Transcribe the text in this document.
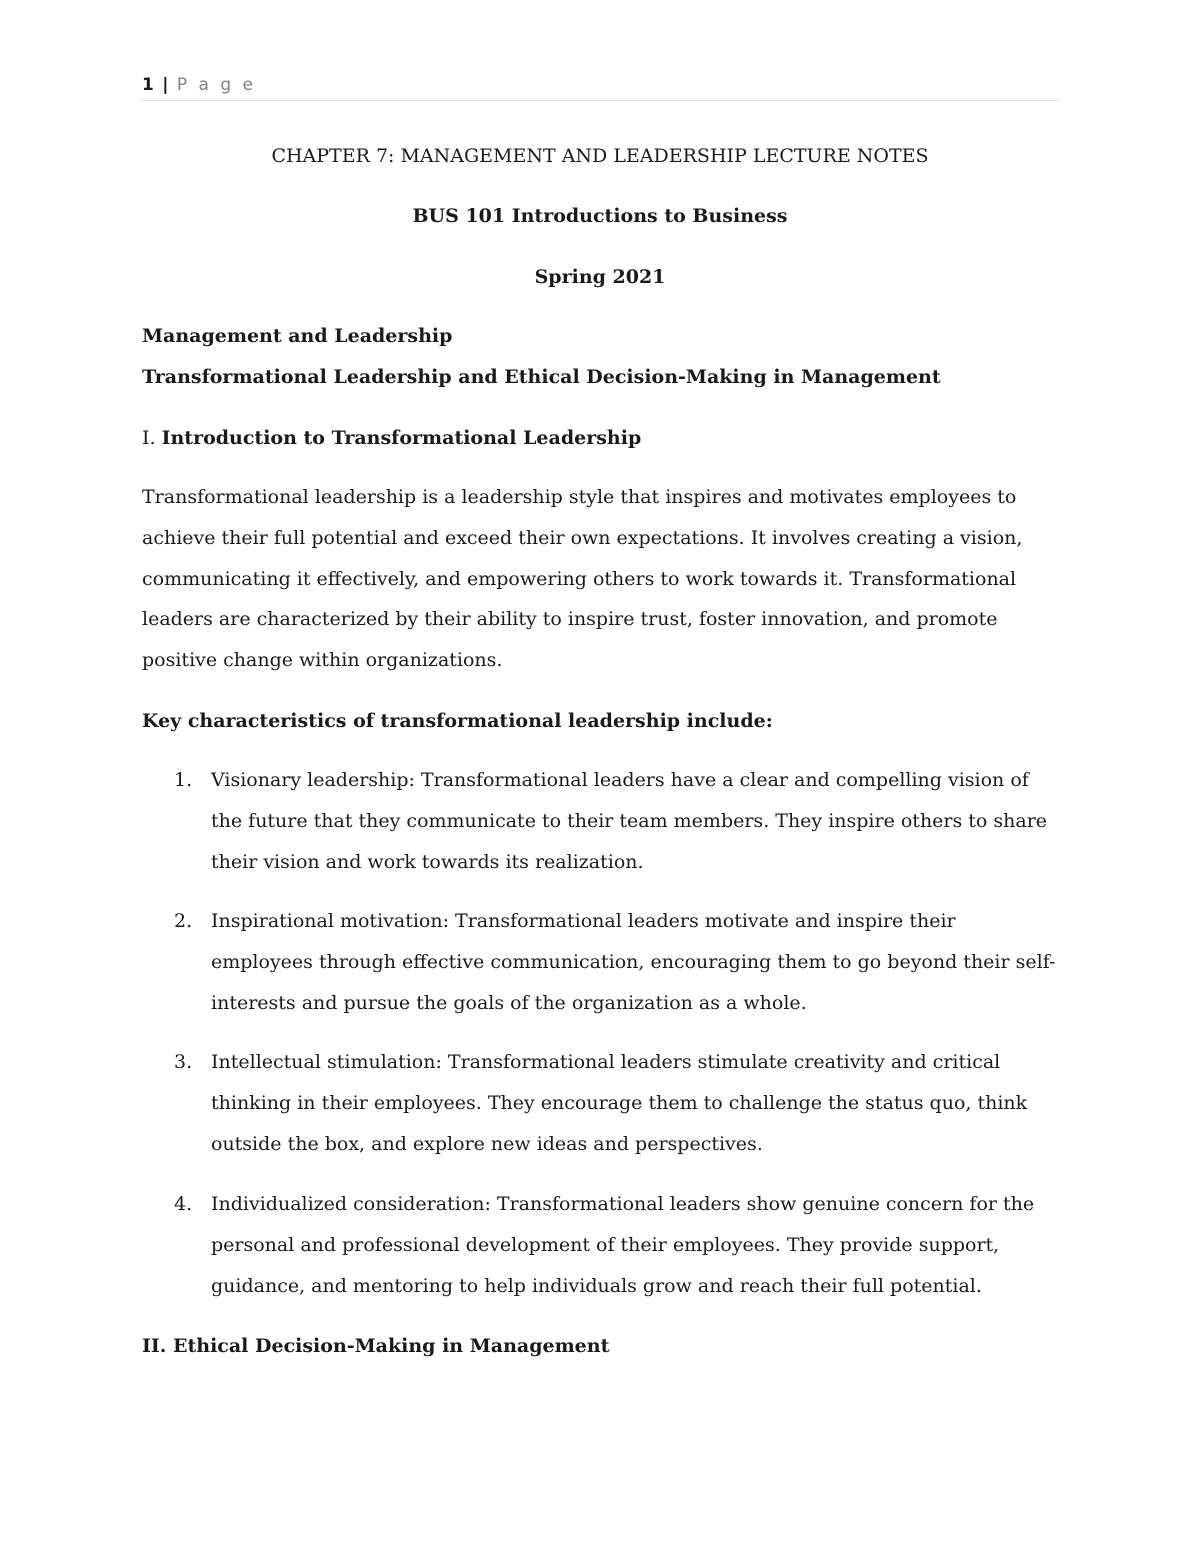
1 | P a g e
CHAPTER 7: MANAGEMENT AND LEADERSHIP LECTURE NOTES
BUS 101 Introductions to Business
Spring 2021
Management and Leadership
Transformational Leadership and Ethical Decision-Making in Management
I. Introduction to Transformational Leadership

Transformational leadership is a leadership style that inspires and motivates employees to achieve their full potential and exceed their own expectations. It involves creating a vision, communicating it effectively, and empowering others to work towards it. Transformational leaders are characterized by their ability to inspire trust, foster innovation, and promote positive change within organizations.

Key characteristics of transformational leadership include:
1. Visionary leadership: Transformational leaders have a clear and compelling vision of the future that they communicate to their team members. They inspire others to share their vision and work towards its realization.
2. Inspirational motivation: Transformational leaders motivate and inspire their employees through effective communication, encouraging them to go beyond their self-interests and pursue the goals of the organization as a whole.
3. Intellectual stimulation: Transformational leaders stimulate creativity and critical thinking in their employees. They encourage them to challenge the status quo, think outside the box, and explore new ideas and perspectives.
4. Individualized consideration: Transformational leaders show genuine concern for the personal and professional development of their employees. They provide support, guidance, and mentoring to help individuals grow and reach their full potential.
II. Ethical Decision-Making in Management
